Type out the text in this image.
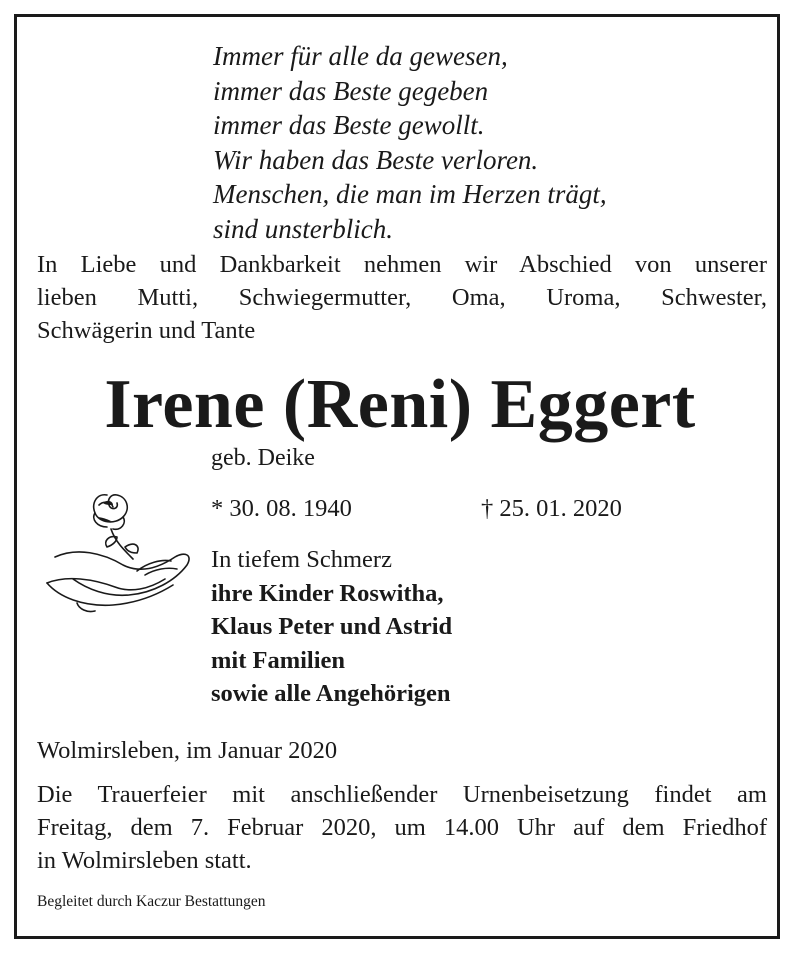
Immer für alle da gewesen,
immer das Beste gegeben
immer das Beste gewollt.
Wir haben das Beste verloren.
Menschen, die man im Herzen trägt,
sind unsterblich.
In Liebe und Dankbarkeit nehmen wir Abschied von unserer
lieben Mutti, Schwiegermutter, Oma, Uroma, Schwester,
Schwägerin und Tante
Irene (Reni) Eggert
geb. Deike
* 30. 08. 1940	† 25. 01. 2020
In tiefem Schmerz
ihre Kinder Roswitha,
Klaus Peter und Astrid
mit Familien
sowie alle Angehörigen
Wolmirsleben, im Januar 2020
Die Trauerfeier mit anschließender Urnenbeisetzung findet am
Freitag, dem 7. Februar 2020, um 14.00 Uhr auf dem Friedhof
in Wolmirsleben statt.
Begleitet durch Kaczur Bestattungen
